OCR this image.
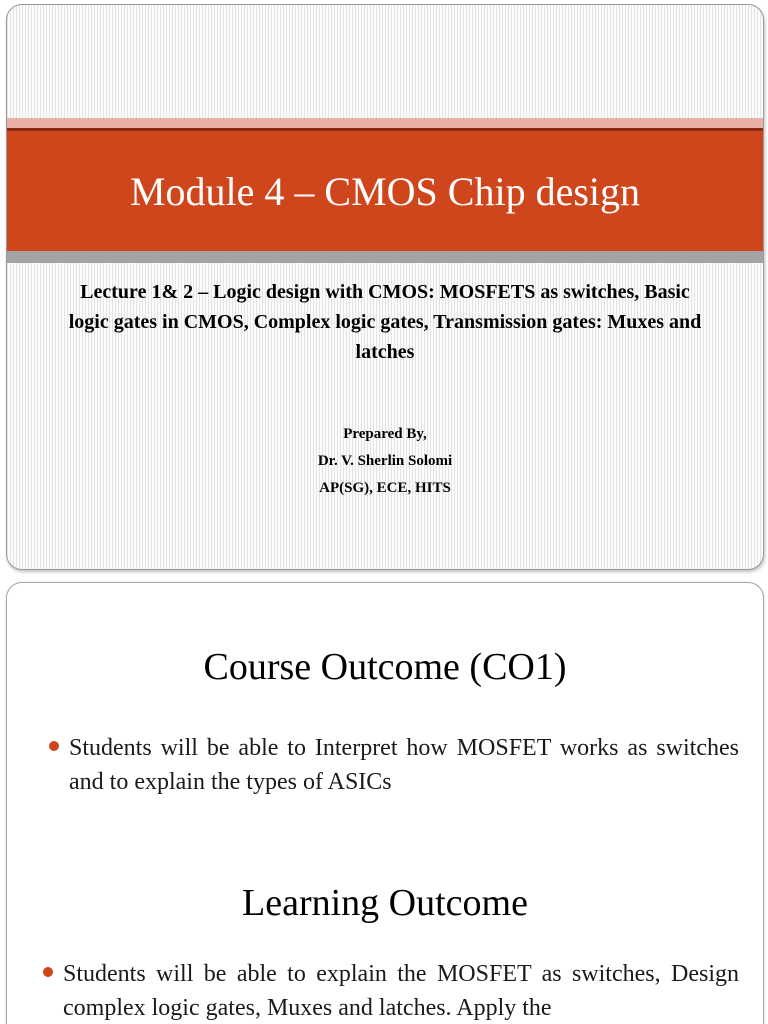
Module 4 – CMOS Chip design

Lecture 1& 2 – Logic design with CMOS: MOSFETS as switches, Basic logic gates in CMOS, Complex logic gates, Transmission gates: Muxes and latches

Prepared By,
Dr. V. Sherlin Solomi
AP(SG), ECE, HITS
Course Outcome (CO1)

Students will be able to Interpret how MOSFET works as switches and to explain the types of ASICs

Learning Outcome

Students will be able to explain the MOSFET as switches, Design complex logic gates, Muxes and latches. Apply the
